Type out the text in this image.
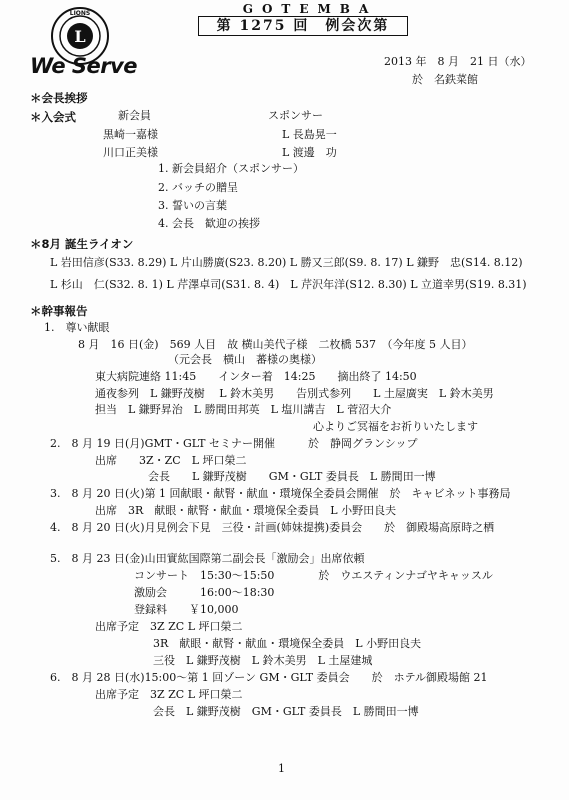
L
LIONS
We Serve
GOTEMBA
第 1275 回　例会次第
2013 年　8 月　21 日（水）
於　名鉄菜館
＊会長挨拶
＊入会式	新会員	スポンサー
黒崎一嘉様	L 長島晃一
川口正美様	L 渡邊　功
1. 新会員紹介（スポンサー）
2. バッチの贈呈
3. 誓いの言葉
4. 会長　歓迎の挨拶
＊8月 誕生ライオン
L 岩田信彦(S33. 8.29) L 片山勝廣(S23. 8.20) L 勝又三郎(S9. 8. 17) L 鎌野　忠(S14. 8.12)
L 杉山　仁(S32. 8. 1) L 芹澤卓司(S31. 8. 4)　L 芹沢年洋(S12. 8.30) L 立道幸男(S19. 8.31)
＊幹事報告
1.　尊い献眼
8 月　16 日(金)　569 人目　故 横山美代子様　二枚橋 537　（今年度 5 人目）
（元会長　横山　蕃様の奥様）
東大病院連絡 11:45　　インター着　14:25　　摘出終了 14:50
通夜参列　L 鎌野茂樹　 L 鈴木美男　　告別式参列　　L 土屋廣実　L 鈴木美男
担当　L 鎌野昇治　L 勝間田邦英　L 塩川講吉　L 菅沼大介
心よりご冥福をお祈りいたします
2.　8 月 19 日(月)GMT・GLT セミナー開催　　　於　静岡グランシップ
出席　　3Z・ZC　L 坪口榮二
会長　　L 鎌野茂樹　　GM・GLT 委員長　L 勝間田一博
3.　8 月 20 日(火)第 1 回献眼・献腎・献血・環境保全委員会開催　於　キャビネット事務局
出席　3R　献眼・献腎・献血・環境保全委員　L 小野田良夫
4.　8 月 20 日(火)月見例会下見　三役・計画(姉妹提携)委員会　　於　御殿場高原時之栖
5.　8 月 23 日(金)山田實紘国際第二副会長「激励会」出席依頼
コンサート　15:30～15:50　　　　於　ウエスティンナゴヤキャッスル
激励会　　　16:00～18:30
登録料　　￥10,000
出席予定　3Z ZC L 坪口榮二
3R　献眼・献腎・献血・環境保全委員　L 小野田良夫
三役　L 鎌野茂樹　L 鈴木美男　L 土屋建城
6.　8 月 28 日(水)15:00～第 1 回ゾーン GM・GLT 委員会　　於　ホテル御殿場館 21
出席予定　3Z ZC L 坪口榮二
会長　L 鎌野茂樹　GM・GLT 委員長　L 勝間田一博
1
